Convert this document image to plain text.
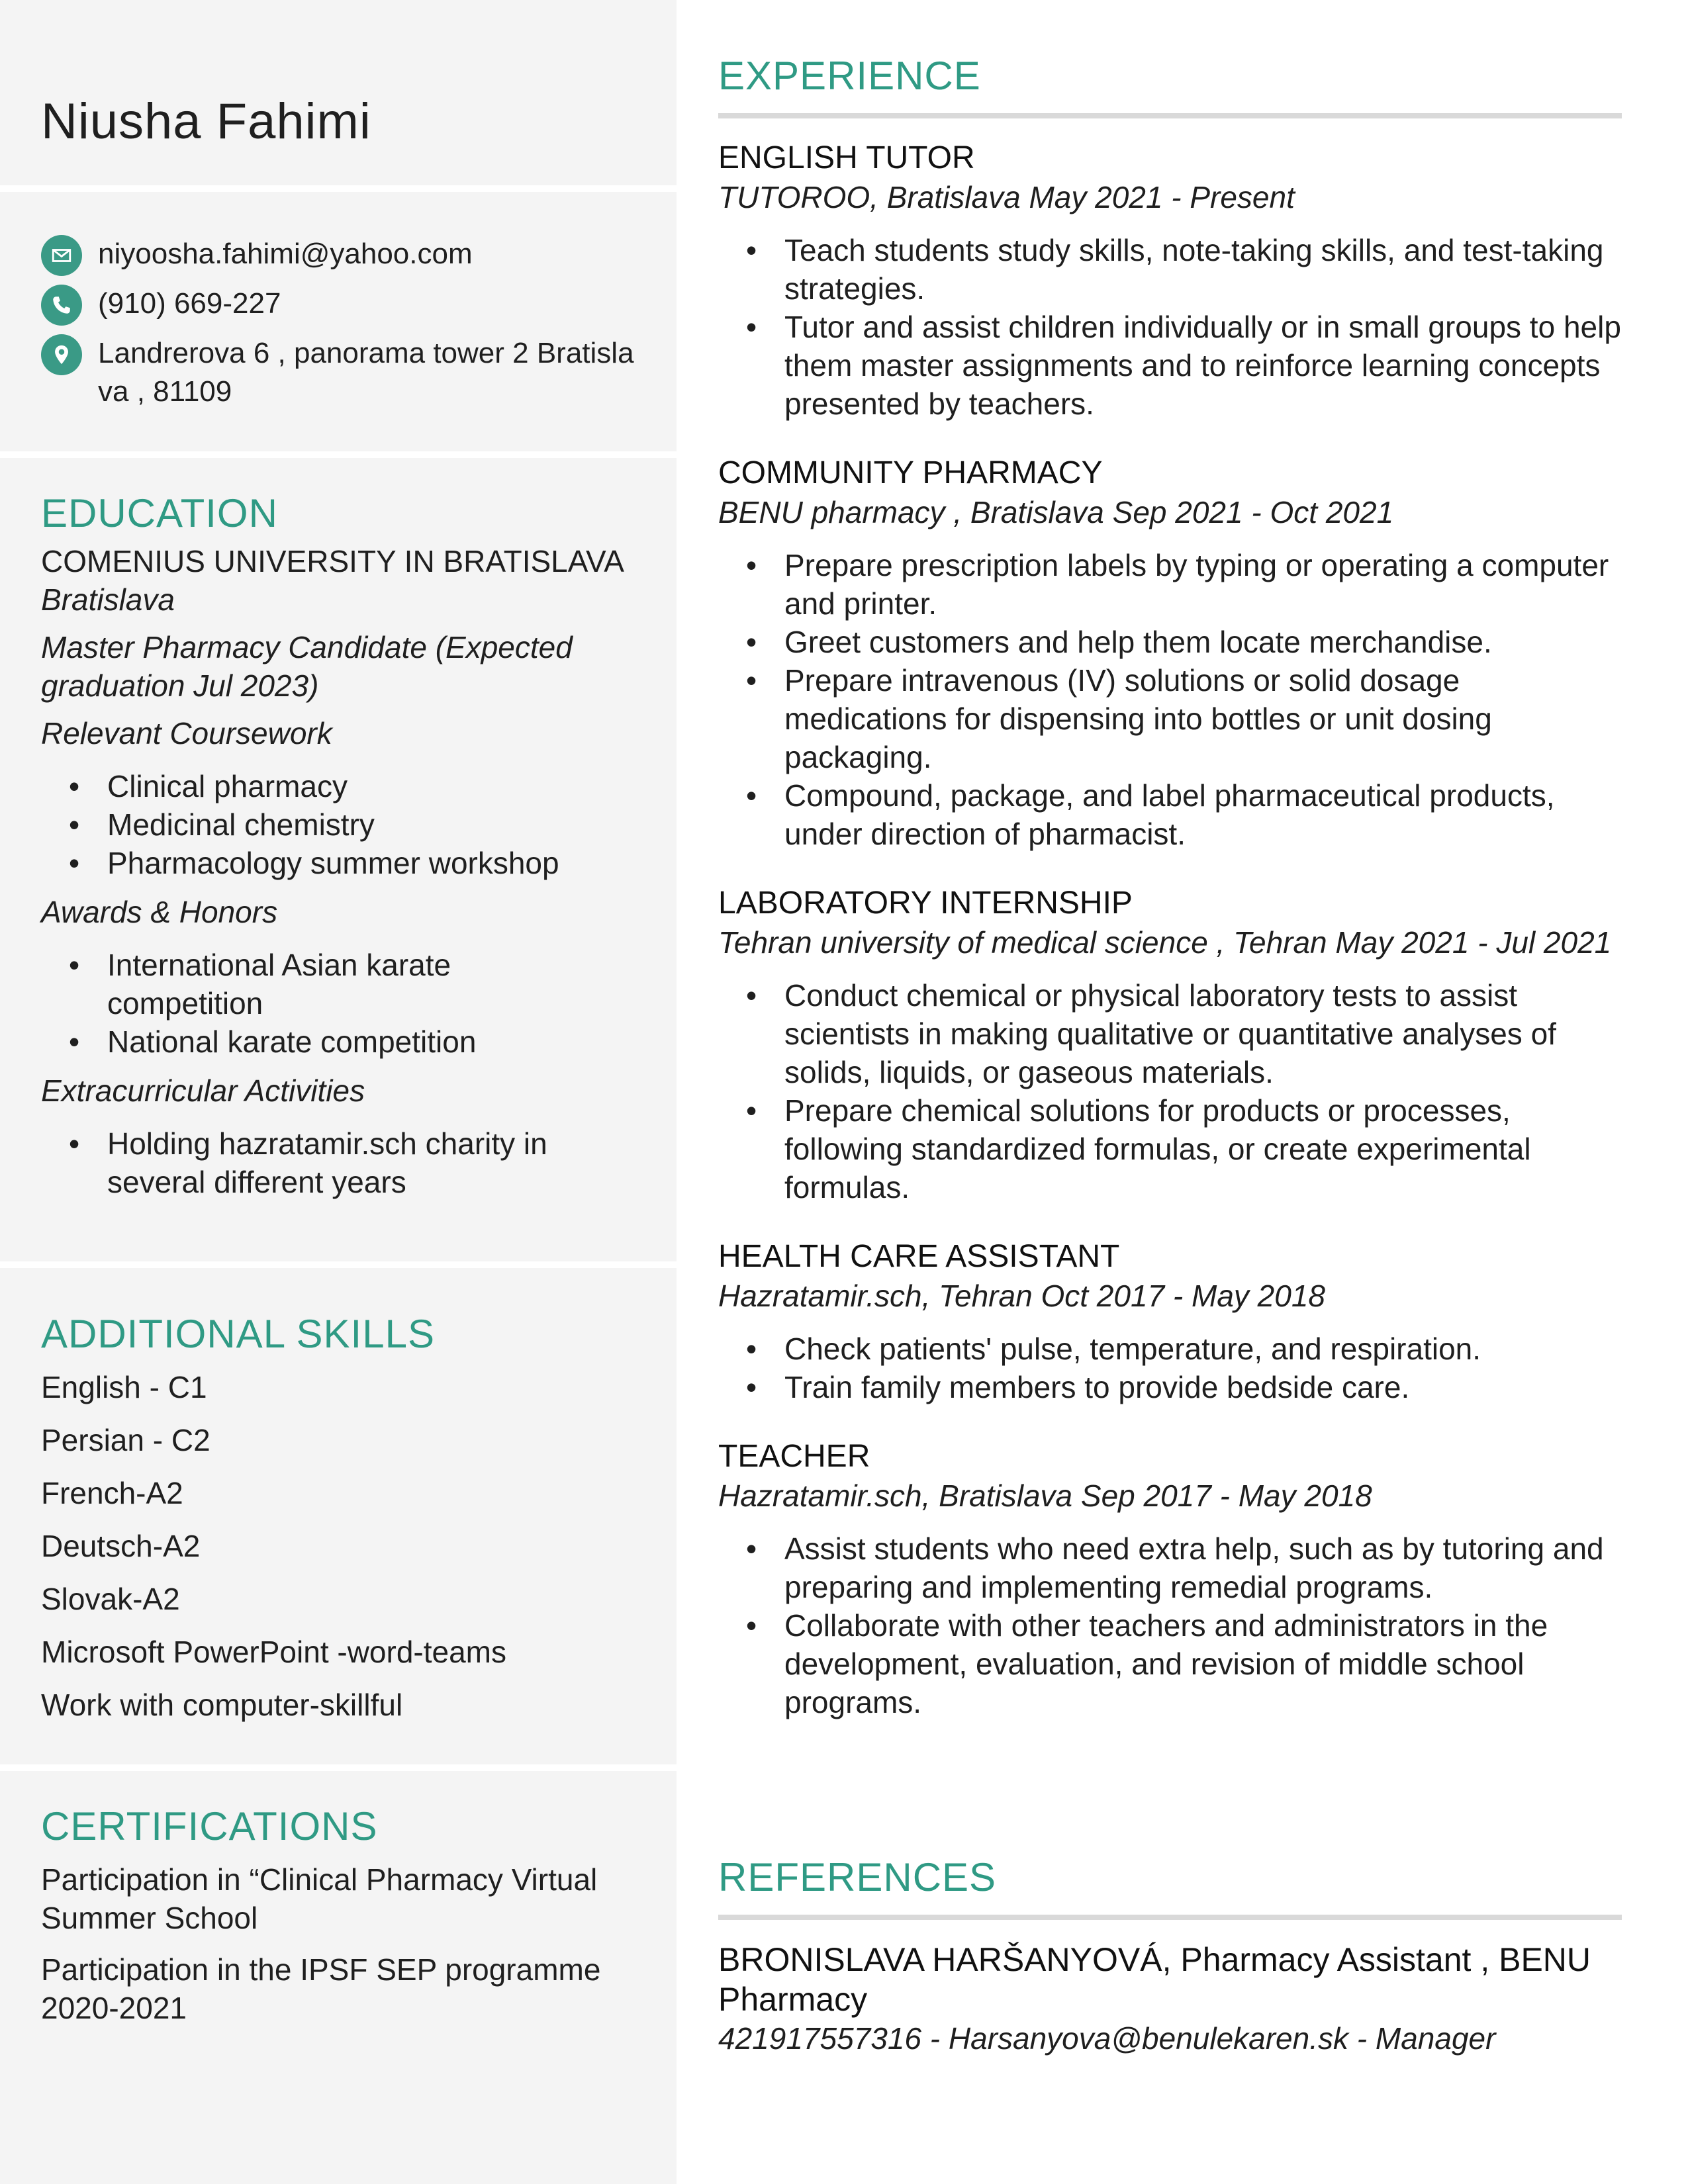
Niusha Fahimi
niyoosha.fahimi@yahoo.com
(910) 669-227
Landrerova 6 , panorama tower 2 Bratisla va , 81109
EDUCATION
COMENIUS UNIVERSITY IN BRATISLAVA
Bratislava
Master Pharmacy Candidate (Expected graduation Jul 2023)
Relevant Coursework
• Clinical pharmacy
• Medicinal chemistry
• Pharmacology summer workshop
Awards & Honors
• International Asian karate competition
• National karate competition
Extracurricular Activities
• Holding hazratamir.sch charity in several different years
ADDITIONAL SKILLS
English - C1
Persian - C2
French-A2
Deutsch-A2
Slovak-A2
Microsoft PowerPoint -word-teams
Work with computer-skillful
CERTIFICATIONS
Participation in “Clinical Pharmacy Virtual Summer School
Participation in the IPSF SEP programme 2020-2021
EXPERIENCE
ENGLISH TUTOR
TUTOROO, Bratislava May 2021 - Present
• Teach students study skills, note-taking skills, and test-taking strategies.
• Tutor and assist children individually or in small groups to help them master assignments and to reinforce learning concepts presented by teachers.
COMMUNITY PHARMACY
BENU pharmacy , Bratislava Sep 2021 - Oct 2021
• Prepare prescription labels by typing or operating a computer and printer.
• Greet customers and help them locate merchandise.
• Prepare intravenous (IV) solutions or solid dosage medications for dispensing into bottles or unit dosing packaging.
• Compound, package, and label pharmaceutical products, under direction of pharmacist.
LABORATORY INTERNSHIP
Tehran university of medical science , Tehran May 2021 - Jul 2021
• Conduct chemical or physical laboratory tests to assist scientists in making qualitative or quantitative analyses of solids, liquids, or gaseous materials.
• Prepare chemical solutions for products or processes, following standardized formulas, or create experimental formulas.
HEALTH CARE ASSISTANT
Hazratamir.sch, Tehran Oct 2017 - May 2018
• Check patients' pulse, temperature, and respiration.
• Train family members to provide bedside care.
TEACHER
Hazratamir.sch, Bratislava Sep 2017 - May 2018
• Assist students who need extra help, such as by tutoring and preparing and implementing remedial programs.
• Collaborate with other teachers and administrators in the development, evaluation, and revision of middle school programs.
REFERENCES
BRONISLAVA HARŠANYOVÁ, Pharmacy Assistant , BENU Pharmacy
421917557316 - Harsanyova@benulekaren.sk - Manager
